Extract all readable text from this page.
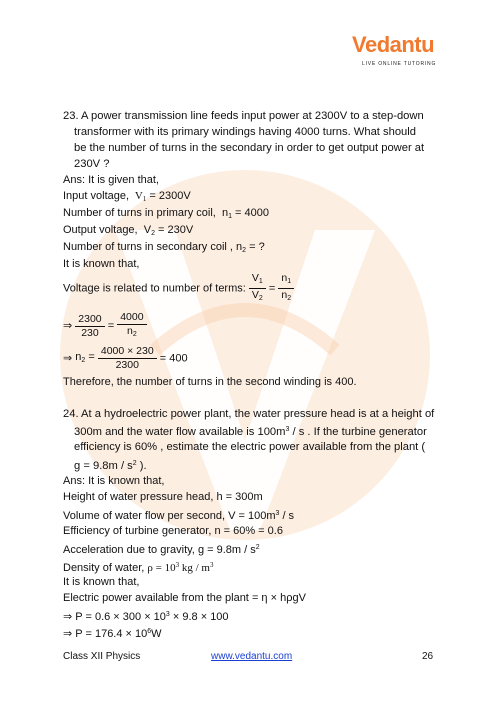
Vedantu
LIVE ONLINE TUTORING
23. A power transmission line feeds input power at 2300V to a step-down
transformer with its primary windings having 4000 turns. What should
be the number of turns in the secondary in order to get output power at
230V ?
Ans: It is given that,
Input voltage,  $V_1 = 2300V$
Number of turns in primary coil,  $n_1 = 4000$
Output voltage,  $V_2 = 230V$
Number of turns in secondary coil , $n_2$ = ?
It is known that,
Voltage is related to number of terms: $\frac{V_1}{V_2} = \frac{n_1}{n_2}$
⇒ $\frac{2300}{230} = \frac{4000}{n_2}$
⇒ $n_2 = \frac{4000 \times 230}{2300} = 400$
Therefore, the number of turns in the second winding is 400.
24. At a hydroelectric power plant, the water pressure head is at a height of
300m and the water flow available is $100m^3$ / s . If the turbine generator
efficiency is 60% , estimate the electric power available from the plant (
$g = 9.8m / s^2$ ).
Ans: It is known that,
Height of water pressure head, h = 300m
Volume of water flow per second, $V = 100m^3 / s$
Efficiency of turbine generator, n = 60% = 0.6
Acceleration due to gravity, $g = 9.8m / s^2$
Density of water, $\rho = 10^3$ kg / $m^3$
It is known that,
Electric power available from the plant = η × hρgV
⇒ $P = 0.6 \times 300 \times 10^3 \times 9.8 \times 100$
⇒ $P = 176.4 \times 10^6W$
Class XII Physics	www.vedantu.com	26
